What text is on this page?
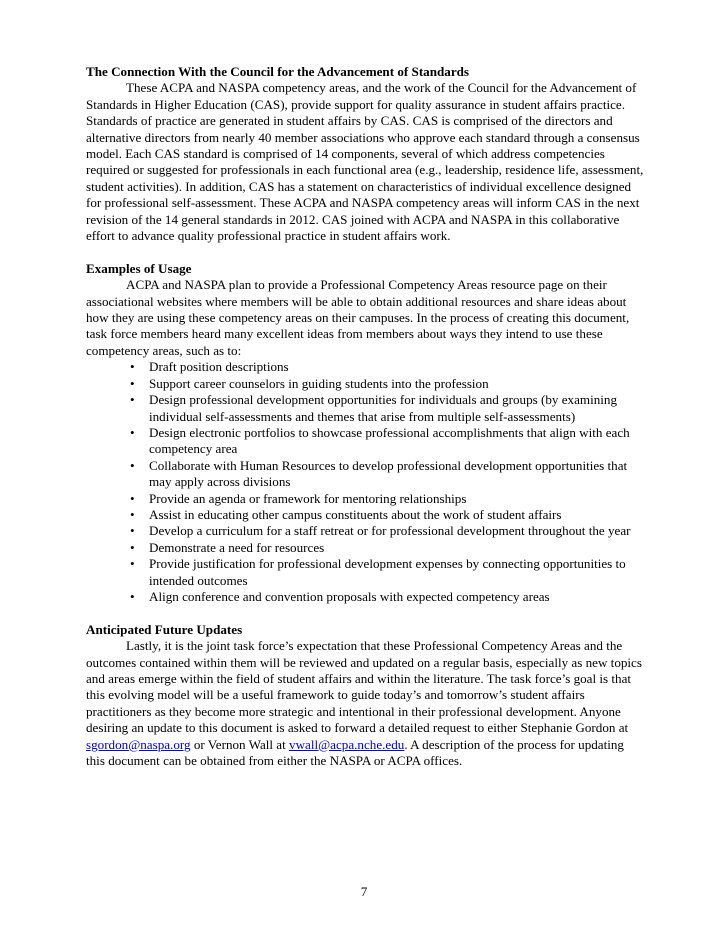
The Connection With the Council for the Advancement of Standards

These ACPA and NASPA competency areas, and the work of the Council for the Advancement of Standards in Higher Education (CAS), provide support for quality assurance in student affairs practice. Standards of practice are generated in student affairs by CAS. CAS is comprised of the directors and alternative directors from nearly 40 member associations who approve each standard through a consensus model. Each CAS standard is comprised of 14 components, several of which address competencies required or suggested for professionals in each functional area (e.g., leadership, residence life, assessment, student activities). In addition, CAS has a statement on characteristics of individual excellence designed for professional self-assessment. These ACPA and NASPA competency areas will inform CAS in the next revision of the 14 general standards in 2012. CAS joined with ACPA and NASPA in this collaborative effort to advance quality professional practice in student affairs work.

Examples of Usage

ACPA and NASPA plan to provide a Professional Competency Areas resource page on their associational websites where members will be able to obtain additional resources and share ideas about how they are using these competency areas on their campuses. In the process of creating this document, task force members heard many excellent ideas from members about ways they intend to use these competency areas, such as to:

• Draft position descriptions
• Support career counselors in guiding students into the profession
• Design professional development opportunities for individuals and groups (by examining individual self-assessments and themes that arise from multiple self-assessments)
• Design electronic portfolios to showcase professional accomplishments that align with each competency area
• Collaborate with Human Resources to develop professional development opportunities that may apply across divisions
• Provide an agenda or framework for mentoring relationships
• Assist in educating other campus constituents about the work of student affairs
• Develop a curriculum for a staff retreat or for professional development throughout the year
• Demonstrate a need for resources
• Provide justification for professional development expenses by connecting opportunities to intended outcomes
• Align conference and convention proposals with expected competency areas

Anticipated Future Updates

Lastly, it is the joint task force’s expectation that these Professional Competency Areas and the outcomes contained within them will be reviewed and updated on a regular basis, especially as new topics and areas emerge within the field of student affairs and within the literature. The task force’s goal is that this evolving model will be a useful framework to guide today’s and tomorrow’s student affairs practitioners as they become more strategic and intentional in their professional development. Anyone desiring an update to this document is asked to forward a detailed request to either Stephanie Gordon at sgordon@naspa.org or Vernon Wall at vwall@acpa.nche.edu. A description of the process for updating this document can be obtained from either the NASPA or ACPA offices.

7
